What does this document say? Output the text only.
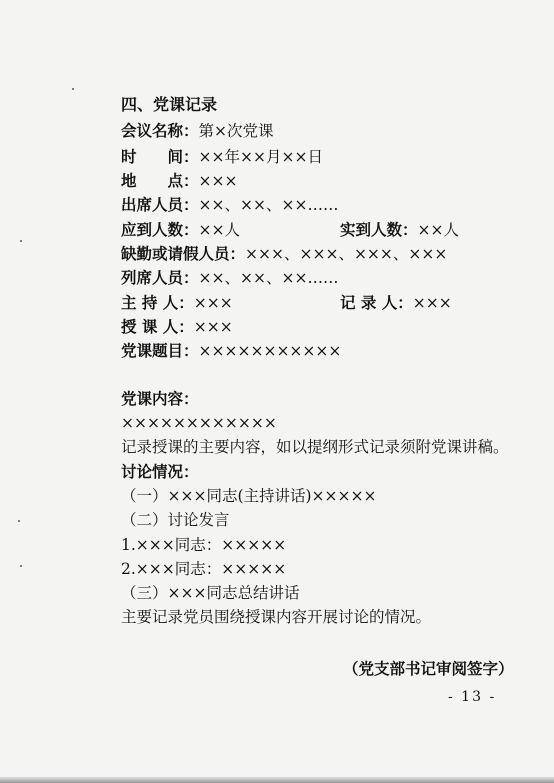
四、党课记录
会议名称：第×次党课
时　　间：××年××月××日
地　　点：×××
出席人员：××、××、××……
应到人数：××人	实到人数：××人
缺勤或请假人员：×××、×××、×××、×××
列席人员：××、××、××……
主 持 人：×××	记 录 人：×××
授 课 人：×××
党课题目：×××××××××××
党课内容：
××××××××××××
记录授课的主要内容，如以提纲形式记录须附党课讲稿。
讨论情况：
（一）×××同志(主持讲话)×××××
（二）讨论发言
1.×××同志：×××××
2.×××同志：×××××
（三）×××同志总结讲话
主要记录党员围绕授课内容开展讨论的情况。
（党支部书记审阅签字）
- 13 -
